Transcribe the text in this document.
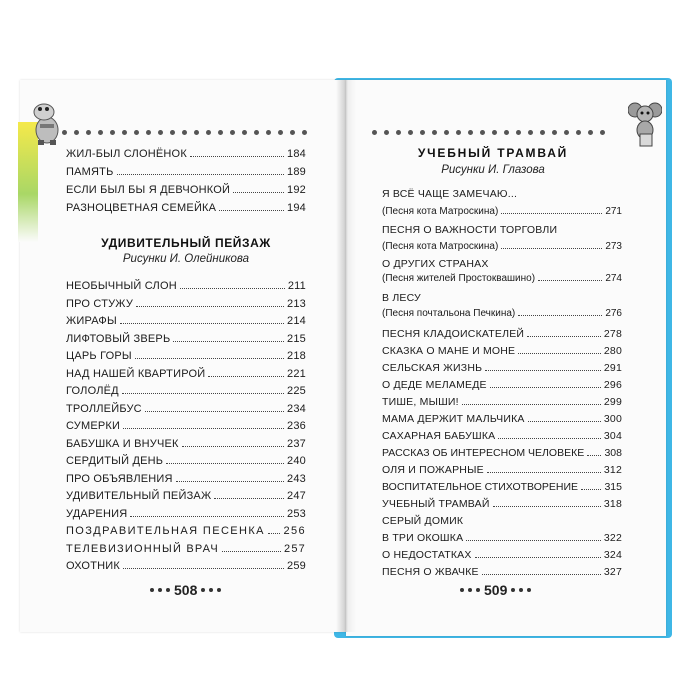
ЖИЛ-БЫЛ СЛОНЁНОК	184
ПАМЯТЬ	189
ЕСЛИ БЫЛ БЫ Я ДЕВЧОНКОЙ	192
РАЗНОЦВЕТНАЯ СЕМЕЙКА	194
УДИВИТЕЛЬНЫЙ ПЕЙЗАЖ
Рисунки И. Олейникова
НЕОБЫЧНЫЙ СЛОН	211
ПРО СТУЖУ	213
ЖИРАФЫ	214
ЛИФТОВЫЙ ЗВЕРЬ	215
ЦАРЬ ГОРЫ	218
НАД НАШЕЙ КВАРТИРОЙ	221
ГОЛОЛЁД	225
ТРОЛЛЕЙБУС	234
СУМЕРКИ	236
БАБУШКА И ВНУЧЕК	237
СЕРДИТЫЙ ДЕНЬ	240
ПРО ОБЪЯВЛЕНИЯ	243
УДИВИТЕЛЬНЫЙ ПЕЙЗАЖ	247
УДАРЕНИЯ	253
ПОЗДРАВИТЕЛЬНАЯ ПЕСЕНКА 256
ТЕЛЕВИЗИОННЫЙ ВРАЧ	257
ОХОТНИК	259
508
УЧЕБНЫЙ ТРАМВАЙ
Рисунки И. Глазова
Я ВСЁ ЧАЩЕ ЗАМЕЧАЮ...
(Песня кота Матроскина)	271
ПЕСНЯ О ВАЖНОСТИ ТОРГОВЛИ
(Песня кота Матроскина)	273
О ДРУГИХ СТРАНАХ
(Песня жителей Простоквашино)	274
В ЛЕСУ
(Песня почтальона Печкина)	276
ПЕСНЯ КЛАДОИСКАТЕЛЕЙ	278
СКАЗКА О МАНЕ И МОНЕ	280
СЕЛЬСКАЯ ЖИЗНЬ	291
О ДЕДЕ МЕЛАМЕДЕ	296
ТИШЕ, МЫШИ!	299
МАМА ДЕРЖИТ МАЛЬЧИКА	300
САХАРНАЯ БАБУШКА	304
РАССКАЗ ОБ ИНТЕРЕСНОМ ЧЕЛОВЕКЕ 308
ОЛЯ И ПОЖАРНЫЕ	312
ВОСПИТАТЕЛЬНОЕ СТИХОТВОРЕНИЕ	315
УЧЕБНЫЙ ТРАМВАЙ	318
СЕРЫЙ ДОМИК
В ТРИ ОКОШКА	322
О НЕДОСТАТКАХ	324
ПЕСНЯ О ЖВАЧКЕ	327
509
